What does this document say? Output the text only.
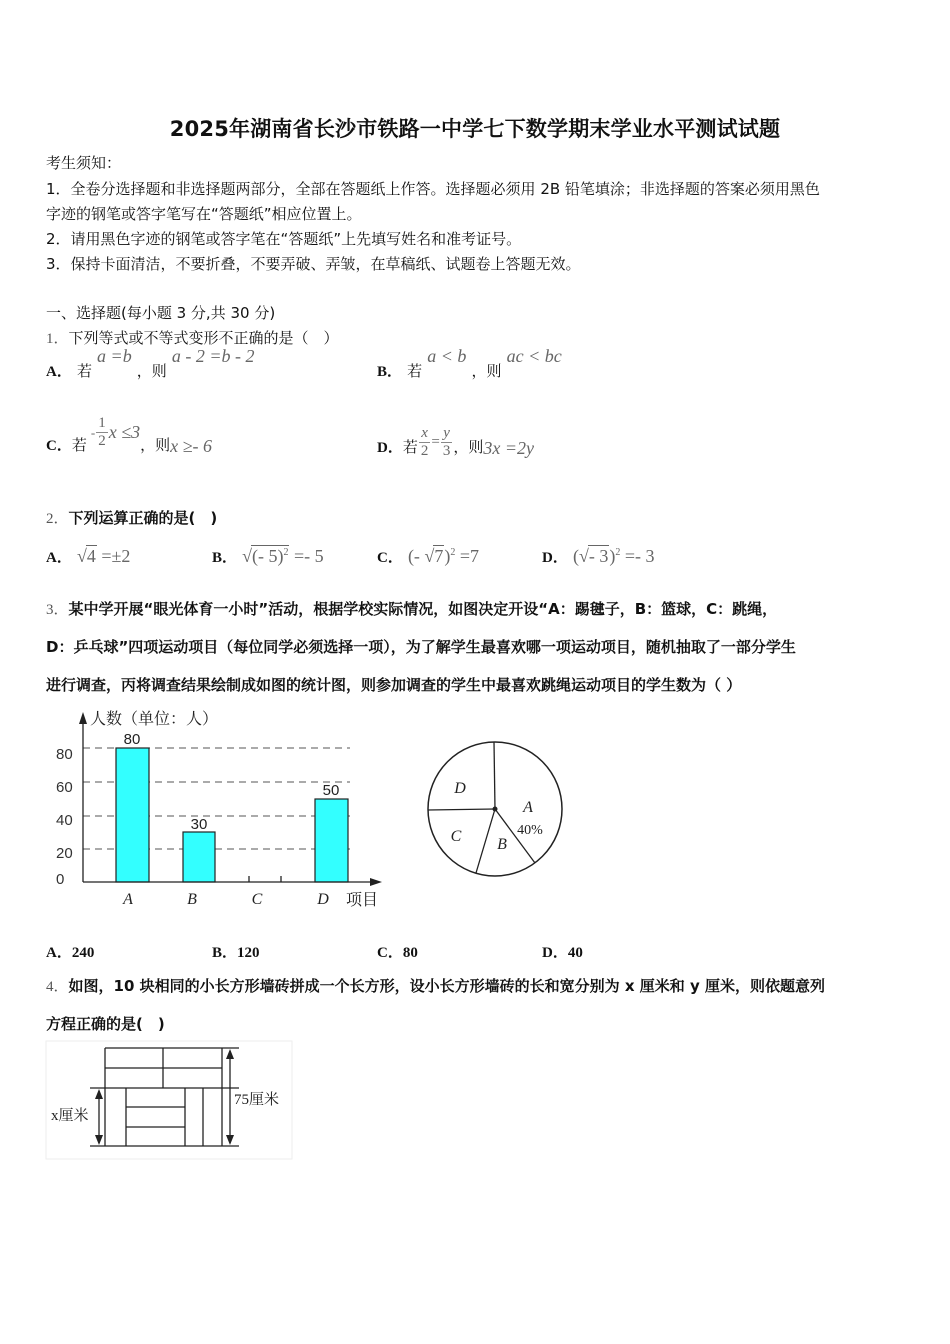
2025年湖南省长沙市铁路一中学七下数学期末学业水平测试试题
考生须知：
1．全卷分选择题和非选择题两部分，全部在答题纸上作答。选择题必须用 2B 铅笔填涂；非选择题的答案必须用黑色
字迹的钢笔或答字笔写在“答题纸”相应位置上。
2．请用黑色字迹的钢笔或答字笔在“答题纸”上先填写姓名和准考证号。
3．保持卡面清洁，不要折叠，不要弄破、弄皱，在草稿纸、试题卷上答题无效。
一、选择题(每小题 3 分,共 30 分)
1．下列等式或不等式变形不正确的是（　）
A． 若 a =b ，则 a - 2 =b - 2
B． 若 a < b ，则 ac < bc
C． 若
- $\frac{1}{2}$ x ≤3
，则 x ≥- 6	D． 若 $\frac{x}{2} = \frac{y}{3}$ ，则 3x =2y
2．下列运算正确的是(　)
A． √4 =±2	B． √(- 5)$^2$ =- 5	C． (- √7)$^2$ =7	D． (√- 3)$^2$ =- 3
3．某中学开展“眼光体育一小时”活动，根据学校实际情况，如图决定开设“A：踢毽子，B：篮球，C：跳绳，
D：乒乓球”四项运动项目（每位同学必须选择一项），为了解学生最喜欢哪一项运动项目，随机抽取了一部分学生
进行调查，丙将调查结果绘制成如图的统计图，则参加调查的学生中最喜欢跳绳运动项目的学生数为（ ）
80
60
40
20
0
80
30
50
人数（单位：人）
A	B	C	D 项目
D
A
C B
40%
A．240	B．120	C．80	D．40
4．如图，10 块相同的小长方形墙砖拼成一个长方形，设小长方形墙砖的长和宽分别为 x 厘米和 y 厘米，则依题意列
方程正确的是(　)
x厘米
75厘米
